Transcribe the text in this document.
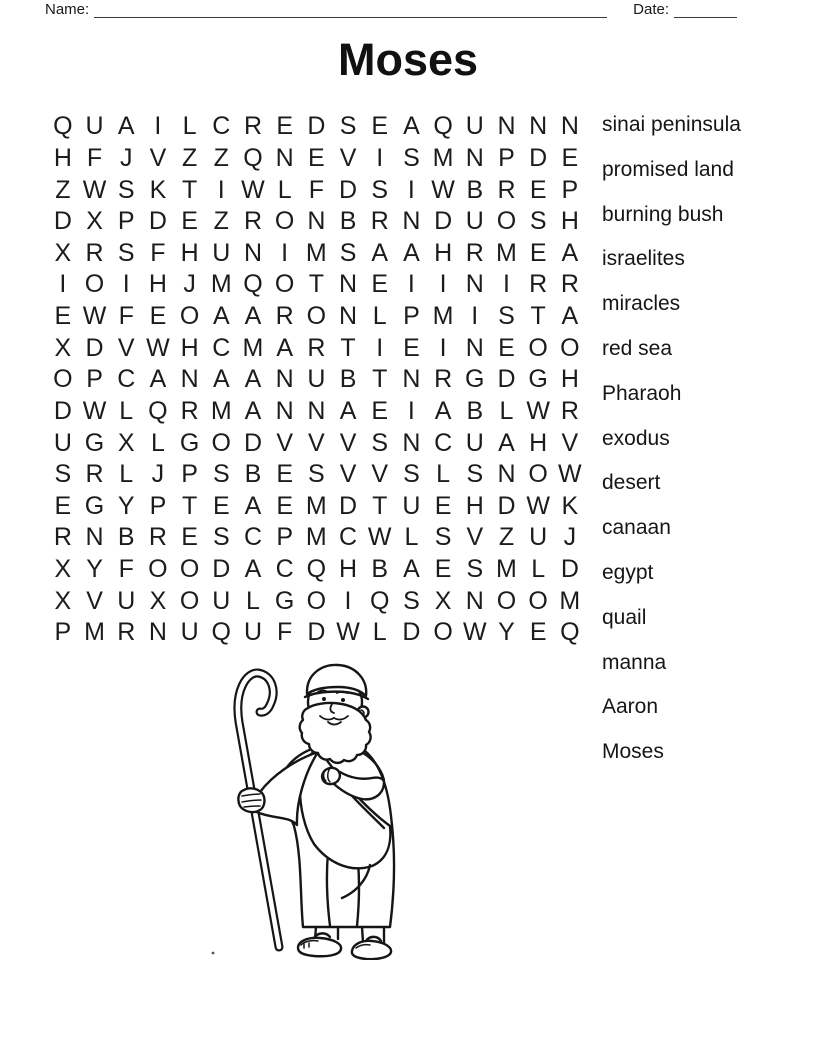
Name:	Date:
Moses
Q U A I L C R E D S E A Q U N N N
H F J V Z Z Q N E V I S M N P D E
Z W S K T I W L F D S I W B R E P
D X P D E Z R O N B R N D U O S H
X R S F H U N I M S A A H R M E A
I O I H J M Q O T N E I I N I R R
E W F E O A A R O N L P M I S T A
X D V W H C M A R T I E I N E O O
O P C A N A A N U B T N R G D G H
D W L Q R M A N N A E I A B L W R
U G X L G O D V V V S N C U A H V
S R L J P S B E S V V S L S N O W
E G Y P T E A E M D T U E H D W K
R N B R E S C P M C W L S V Z U J
X Y F O O D A C Q H B A E S M L D
X V U X O U L G O I Q S X N O O M
P M R N U Q U F D W L D O W Y E Q
sinai peninsula
promised land
burning bush
israelites
miracles
red sea
Pharaoh
exodus
desert
canaan
egypt
quail
manna
Aaron
Moses
